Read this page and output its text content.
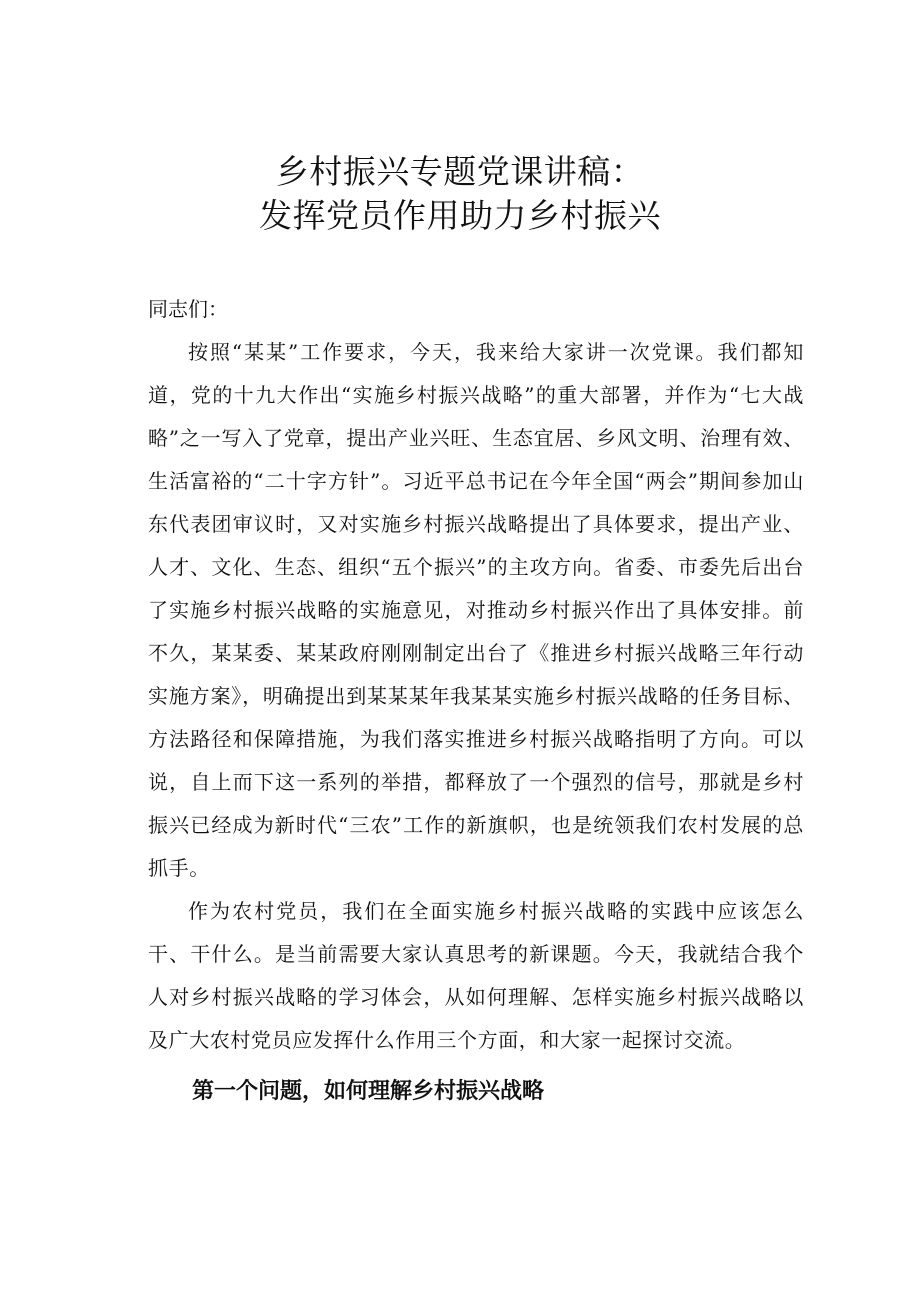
乡村振兴专题党课讲稿：
发挥党员作用助力乡村振兴

同志们：

按照“某某”工作要求，今天，我来给大家讲一次党课。我们都知道，党的十九大作出“实施乡村振兴战略”的重大部署，并作为“七大战略”之一写入了党章，提出产业兴旺、生态宜居、乡风文明、治理有效、生活富裕的“二十字方针”。习近平总书记在今年全国“两会”期间参加山东代表团审议时，又对实施乡村振兴战略提出了具体要求，提出产业、人才、文化、生态、组织“五个振兴”的主攻方向。省委、市委先后出台了实施乡村振兴战略的实施意见，对推动乡村振兴作出了具体安排。前不久，某某委、某某政府刚刚制定出台了《推进乡村振兴战略三年行动实施方案》，明确提出到某某某年我某某实施乡村振兴战略的任务目标、方法路径和保障措施，为我们落实推进乡村振兴战略指明了方向。可以说，自上而下这一系列的举措，都释放了一个强烈的信号，那就是乡村振兴已经成为新时代“三农”工作的新旗帜，也是统领我们农村发展的总抓手。

作为农村党员，我们在全面实施乡村振兴战略的实践中应该怎么干、干什么。是当前需要大家认真思考的新课题。今天，我就结合我个人对乡村振兴战略的学习体会，从如何理解、怎样实施乡村振兴战略以及广大农村党员应发挥什么作用三个方面，和大家一起探讨交流。

第一个问题，如何理解乡村振兴战略
